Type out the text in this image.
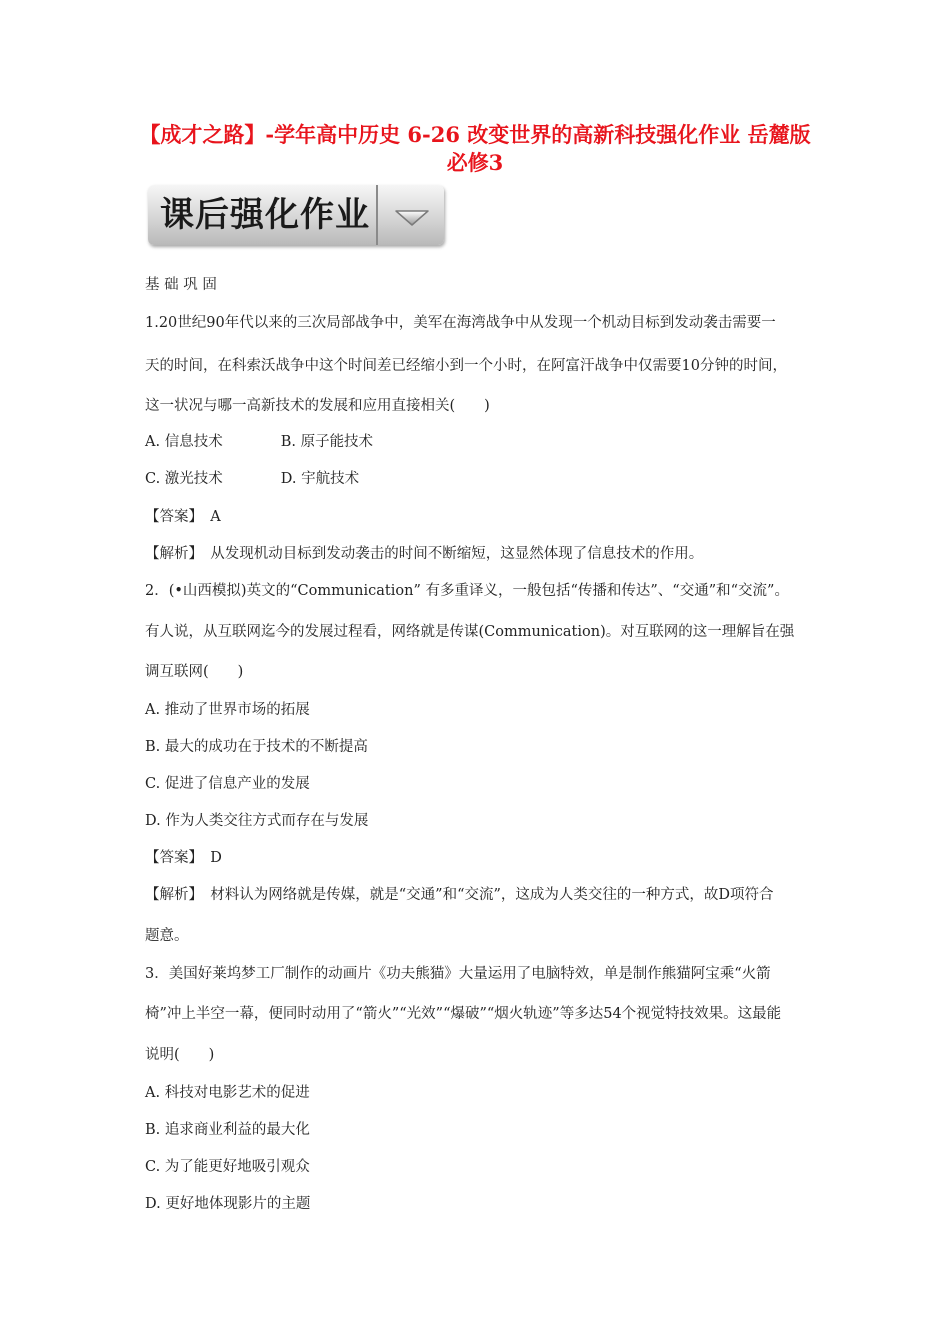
【成才之路】-学年高中历史 6-26 改变世界的高新科技强化作业 岳麓版
必修3
课后强化作业
基 础 巩 固
1.20世纪90年代以来的三次局部战争中，美军在海湾战争中从发现一个机动目标到发动袭击需要一
天的时间，在科索沃战争中这个时间差已经缩小到一个小时，在阿富汗战争中仅需要10分钟的时间，
这一状况与哪一高新技术的发展和应用直接相关(　　)
A. 信息技术　　　　B. 原子能技术
C. 激光技术　　　　D. 宇航技术
【答案】　A
【解析】　从发现机动目标到发动袭击的时间不断缩短，这显然体现了信息技术的作用。
2．(•山西模拟)英文的“Communication” 有多重译义，一般包括“传播和传达”、“交通”和“交流”。
有人说，从互联网迄今的发展过程看，网络就是传谋(Communication)。对互联网的这一理解旨在强
调互联网(　　)
A. 推动了世界市场的拓展
B. 最大的成功在于技术的不断提高
C. 促进了信息产业的发展
D. 作为人类交往方式而存在与发展
【答案】　D
【解析】　材料认为网络就是传媒，就是“交通”和“交流”，这成为人类交往的一种方式，故D项符合
题意。
3．美国好莱坞梦工厂制作的动画片《功夫熊猫》大量运用了电脑特效，单是制作熊猫阿宝乘“火箭
椅”冲上半空一幕，便同时动用了“箭火”“光效”“爆破”“烟火轨迹”等多达54个视觉特技效果。这最能
说明(　　)
A. 科技对电影艺术的促进
B. 追求商业利益的最大化
C. 为了能更好地吸引观众
D. 更好地体现影片的主题
